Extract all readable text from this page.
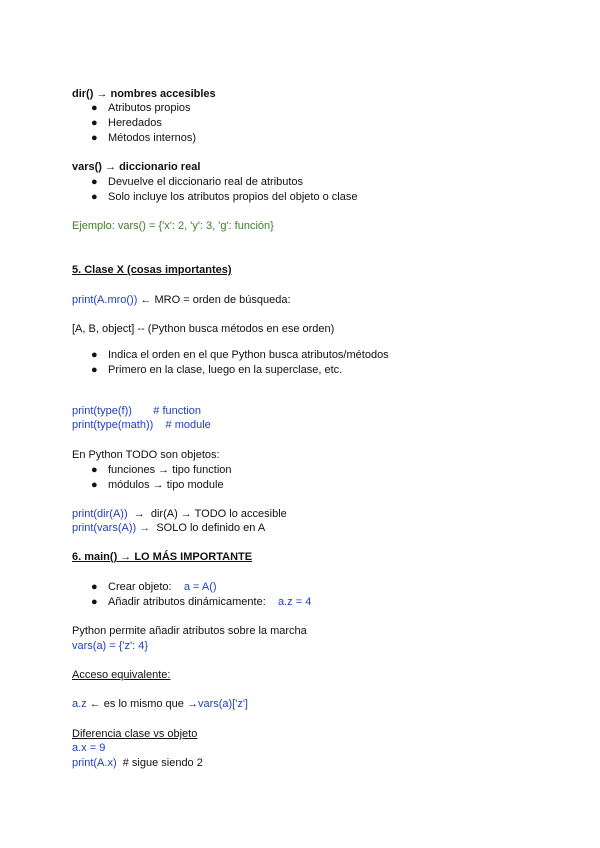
dir() → nombres accesibles
● Atributos propios
● Heredados
● Métodos internos)
vars() → diccionario real
● Devuelve el diccionario real de atributos
● Solo incluye los atributos propios del objeto o clase
Ejemplo: vars() = {'x': 2, 'y': 3, 'g': función}
5. Clase X (cosas importantes)
print(A.mro()) ← MRO = orden de búsqueda:
[A, B, object] -- (Python busca métodos en ese orden)
● Indica el orden en el que Python busca atributos/métodos
● Primero en la clase, luego en la superclase, etc.
print(type(f))       # function
print(type(math))    # module
En Python TODO son objetos:
● funciones → tipo function
● módulos → tipo module
print(dir(A))  →  dir(A) → TODO lo accesible
print(vars(A)) →  SOLO lo definido en A
6. main() → LO MÁS IMPORTANTE
● Crear objeto:    a = A()
● Añadir atributos dinámicamente:    a.z = 4
Python permite añadir atributos sobre la marcha
vars(a) = {'z': 4}
Acceso equivalente:
a.z ← es lo mismo que →vars(a)['z']
Diferencia clase vs objeto
a.x = 9
print(A.x)  # sigue siendo 2
